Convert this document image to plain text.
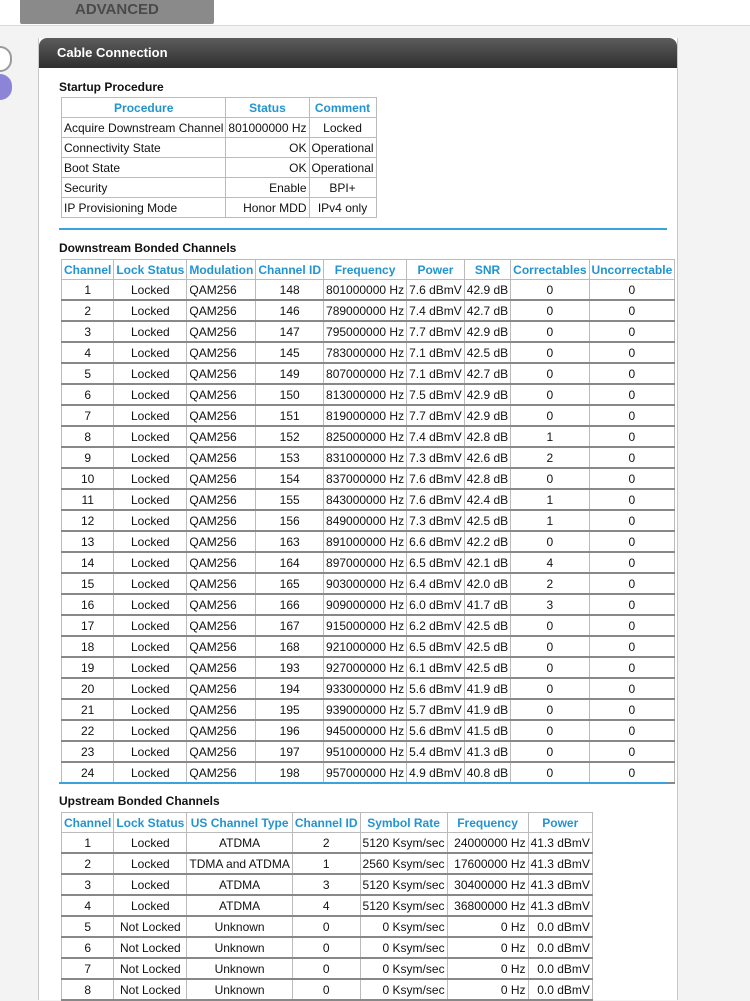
ADVANCED
Cable Connection
Startup Procedure
Procedure	Status	Comment
Acquire Downstream Channel	801000000 Hz	Locked
Connectivity State	OK	Operational
Boot State	OK	Operational
Security	Enable	BPI+
IP Provisioning Mode	Honor MDD	IPv4 only
Downstream Bonded Channels
Channel	Lock Status	Modulation	Channel ID	Frequency	Power	SNR	Correctables	Uncorrectable
1	Locked	QAM256	148	801000000 Hz	7.6 dBmV	42.9 dB	0	0
2	Locked	QAM256	146	789000000 Hz	7.4 dBmV	42.7 dB	0	0
3	Locked	QAM256	147	795000000 Hz	7.7 dBmV	42.9 dB	0	0
4	Locked	QAM256	145	783000000 Hz	7.1 dBmV	42.5 dB	0	0
5	Locked	QAM256	149	807000000 Hz	7.1 dBmV	42.7 dB	0	0
6	Locked	QAM256	150	813000000 Hz	7.5 dBmV	42.9 dB	0	0
7	Locked	QAM256	151	819000000 Hz	7.7 dBmV	42.9 dB	0	0
8	Locked	QAM256	152	825000000 Hz	7.4 dBmV	42.8 dB	1	0
9	Locked	QAM256	153	831000000 Hz	7.3 dBmV	42.6 dB	2	0
10	Locked	QAM256	154	837000000 Hz	7.6 dBmV	42.8 dB	0	0
11	Locked	QAM256	155	843000000 Hz	7.6 dBmV	42.4 dB	1	0
12	Locked	QAM256	156	849000000 Hz	7.3 dBmV	42.5 dB	1	0
13	Locked	QAM256	163	891000000 Hz	6.6 dBmV	42.2 dB	0	0
14	Locked	QAM256	164	897000000 Hz	6.5 dBmV	42.1 dB	4	0
15	Locked	QAM256	165	903000000 Hz	6.4 dBmV	42.0 dB	2	0
16	Locked	QAM256	166	909000000 Hz	6.0 dBmV	41.7 dB	3	0
17	Locked	QAM256	167	915000000 Hz	6.2 dBmV	42.5 dB	0	0
18	Locked	QAM256	168	921000000 Hz	6.5 dBmV	42.5 dB	0	0
19	Locked	QAM256	193	927000000 Hz	6.1 dBmV	42.5 dB	0	0
20	Locked	QAM256	194	933000000 Hz	5.6 dBmV	41.9 dB	0	0
21	Locked	QAM256	195	939000000 Hz	5.7 dBmV	41.9 dB	0	0
22	Locked	QAM256	196	945000000 Hz	5.6 dBmV	41.5 dB	0	0
23	Locked	QAM256	197	951000000 Hz	5.4 dBmV	41.3 dB	0	0
24	Locked	QAM256	198	957000000 Hz	4.9 dBmV	40.8 dB	0	0
Upstream Bonded Channels
Channel	Lock Status	US Channel Type	Channel ID	Symbol Rate	Frequency	Power
1	Locked	ATDMA	2	5120 Ksym/sec	24000000 Hz	41.3 dBmV
2	Locked	TDMA and ATDMA	1	2560 Ksym/sec	17600000 Hz	41.3 dBmV
3	Locked	ATDMA	3	5120 Ksym/sec	30400000 Hz	41.3 dBmV
4	Locked	ATDMA	4	5120 Ksym/sec	36800000 Hz	41.3 dBmV
5	Not Locked	Unknown	0	0 Ksym/sec	0 Hz	0.0 dBmV
6	Not Locked	Unknown	0	0 Ksym/sec	0 Hz	0.0 dBmV
7	Not Locked	Unknown	0	0 Ksym/sec	0 Hz	0.0 dBmV
8	Not Locked	Unknown	0	0 Ksym/sec	0 Hz	0.0 dBmV
